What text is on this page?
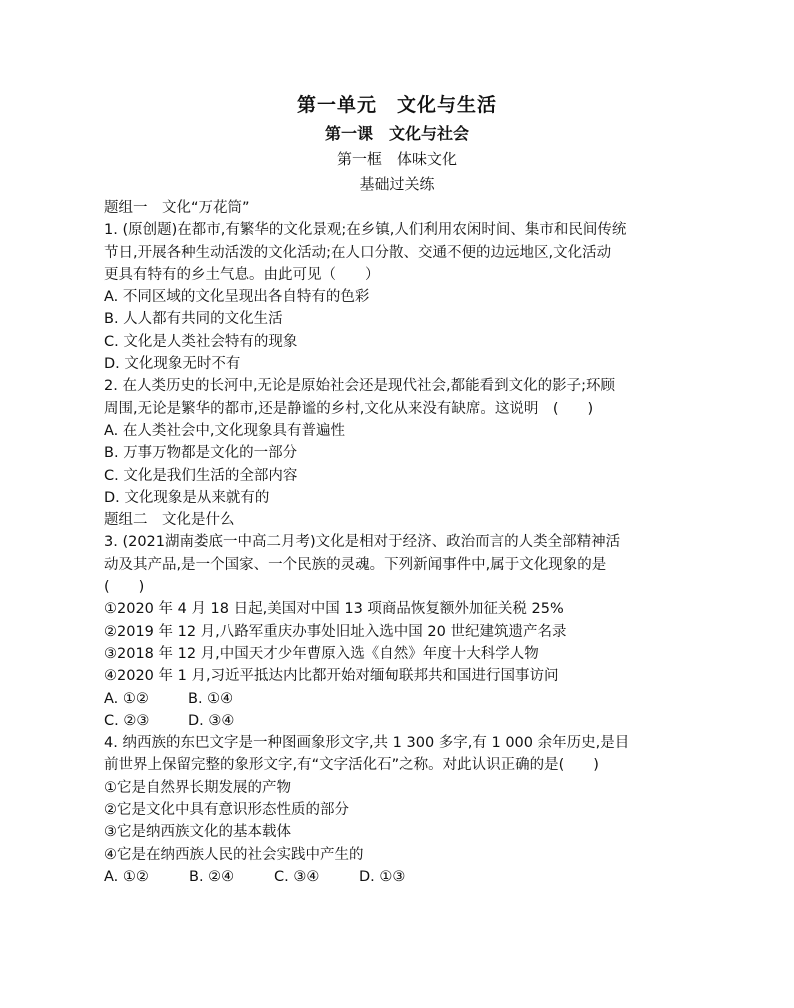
第一单元　文化与生活
第一课　文化与社会
第一框　体味文化
基础过关练
题组一　文化“万花筒”
1. (原创题)在都市,有繁华的文化景观;在乡镇,人们利用农闲时间、集市和民间传统
节日,开展各种生动活泼的文化活动;在人口分散、交通不便的边远地区,文化活动
更具有特有的乡土气息。由此可见（　　）
A. 不同区域的文化呈现出各自特有的色彩
B. 人人都有共同的文化生活
C. 文化是人类社会特有的现象
D. 文化现象无时不有
2. 在人类历史的长河中,无论是原始社会还是现代社会,都能看到文化的影子;环顾
周围,无论是繁华的都市,还是静谧的乡村,文化从来没有缺席。这说明　(　　)
A. 在人类社会中,文化现象具有普遍性
B. 万事万物都是文化的一部分
C. 文化是我们生活的全部内容
D. 文化现象是从来就有的
题组二　文化是什么
3. (2021湖南娄底一中高二月考)文化是相对于经济、政治而言的人类全部精神活
动及其产品,是一个国家、一个民族的灵魂。下列新闻事件中,属于文化现象的是
(　　)
①2020 年 4 月 18 日起,美国对中国 13 项商品恢复额外加征关税 25%
②2019 年 12 月,八路军重庆办事处旧址入选中国 20 世纪建筑遗产名录
③2018 年 12 月,中国天才少年曹原入选《自然》年度十大科学人物
④2020 年 1 月,习近平抵达内比都开始对缅甸联邦共和国进行国事访问
A. ①②	B. ①④
C. ②③	D. ③④
4. 纳西族的东巴文字是一种图画象形文字,共 1 300 多字,有 1 000 余年历史,是目
前世界上保留完整的象形文字,有“文字活化石”之称。对此认识正确的是(　　)
①它是自然界长期发展的产物
②它是文化中具有意识形态性质的部分
③它是纳西族文化的基本载体
④它是在纳西族人民的社会实践中产生的
A. ①②	B. ②④	C. ③④	D. ①③
